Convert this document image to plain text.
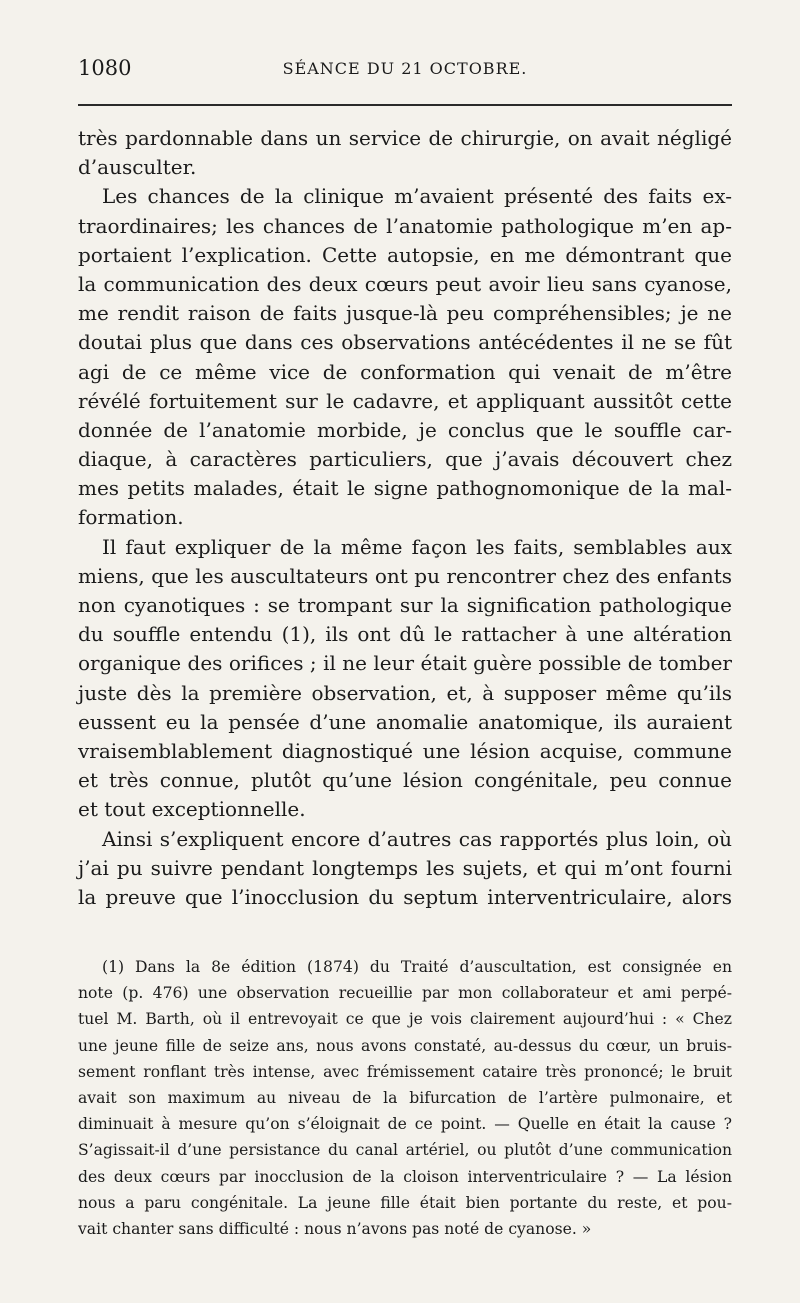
1080	SÉANCE DU 21 OCTOBRE.
très pardonnable dans un service de chirurgie, on avait négligé
d’ausculter.
Les chances de la clinique m’avaient présenté des faits ex-
traordinaires; les chances de l’anatomie pathologique m’en ap-
portaient l’explication. Cette autopsie, en me démontrant que
la communication des deux cœurs peut avoir lieu sans cyanose,
me rendit raison de faits jusque-là peu compréhensibles; je ne
doutai plus que dans ces observations antécédentes il ne se fût
agi de ce même vice de conformation qui venait de m’être
révélé fortuitement sur le cadavre, et appliquant aussitôt cette
donnée de l’anatomie morbide, je conclus que le souffle car-
diaque, à caractères particuliers, que j’avais découvert chez
mes petits malades, était le signe pathognomonique de la mal-
formation.
Il faut expliquer de la même façon les faits, semblables aux
miens, que les auscultateurs ont pu rencontrer chez des enfants
non cyanotiques : se trompant sur la signification pathologique
du souffle entendu (1), ils ont dû le rattacher à une altération
organique des orifices ; il ne leur était guère possible de tomber
juste dès la première observation, et, à supposer même qu’ils
eussent eu la pensée d’une anomalie anatomique, ils auraient
vraisemblablement diagnostiqué une lésion acquise, commune
et très connue, plutôt qu’une lésion congénitale, peu connue
et tout exceptionnelle.
Ainsi s’expliquent encore d’autres cas rapportés plus loin, où
j’ai pu suivre pendant longtemps les sujets, et qui m’ont fourni
la preuve que l’inocclusion du septum interventriculaire, alors
(1) Dans la 8e édition (1874) du Traité d’auscultation, est consignée en
note (p. 476) une observation recueillie par mon collaborateur et ami perpé-
tuel M. Barth, où il entrevoyait ce que je vois clairement aujourd’hui : « Chez
une jeune fille de seize ans, nous avons constaté, au-dessus du cœur, un bruis-
sement ronflant très intense, avec frémissement cataire très prononcé; le bruit
avait son maximum au niveau de la bifurcation de l’artère pulmonaire, et
diminuait à mesure qu’on s’éloignait de ce point. — Quelle en était la cause ?
S’agissait-il d’une persistance du canal artériel, ou plutôt d’une communication
des deux cœurs par inocclusion de la cloison interventriculaire ? — La lésion
nous a paru congénitale. La jeune fille était bien portante du reste, et pou-
vait chanter sans difficulté : nous n’avons pas noté de cyanose. »
